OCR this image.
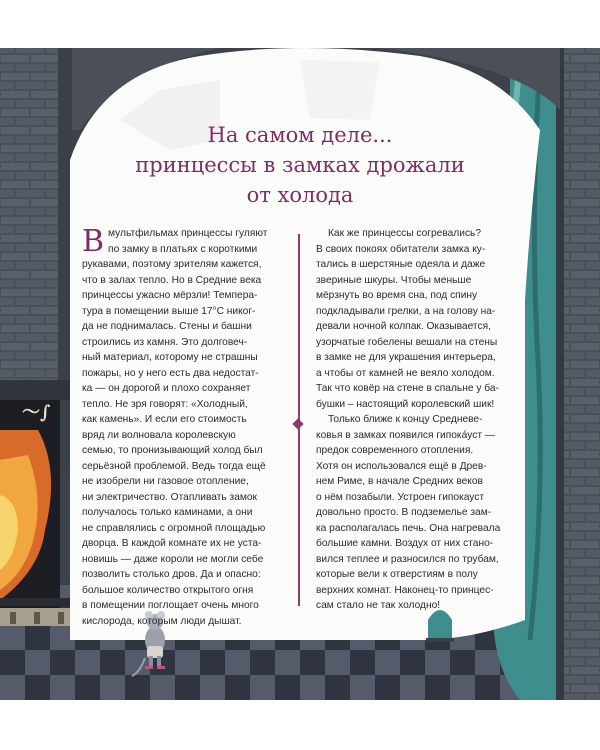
〜∫
На самом деле...
принцессы в замках дрожали
от холода
В мультфильмах принцессы гуляют
по замку в платьях с короткими
рукавами, поэтому зрителям кажется,
что в залах тепло. Но в Средние века
принцессы ужасно мёрзли! Темпера-
тура в помещении выше 17°С никог-
да не поднималась. Стены и башни
строились из камня. Это долговеч-
ный материал, которому не страшны
пожары, но у него есть два недостат-
ка — он дорогой и плохо сохраняет
тепло. Не зря говорят: «Холодный,
как камень». И если его стоимость
вряд ли волновала королевскую
семью, то пронизывающий холод был
серьёзной проблемой. Ведь тогда ещё
не изобрели ни газовое отопление,
ни электричество. Отапливать замок
получалось только каминами, а они
не справлялись с огромной площадью
дворца. В каждой комнате их не уста-
новишь — даже короли не могли себе
позволить столько дров. Да и опасно:
большое количество открытого огня
в помещении поглощает очень много
кислорода, которым люди дышат.
Как же принцессы согревались?
В своих покоях обитатели замка ку-
тались в шерстяные одеяла и даже
звериные шкуры. Чтобы меньше
мёрзнуть во время сна, под спину
подкладывали грелки, а на голову на-
девали ночной колпак. Оказывается,
узорчатые гобелены вешали на стены
в замке не для украшения интерьера,
а чтобы от камней не веяло холодом.
Так что ковёр на стене в спальне у ба-
бушки – настоящий королевский шик!
Только ближе к концу Средневе-
ковья в замках появился гипока́уст —
предок современного отопления.
Хотя он использовался ещё в Древ-
нем Риме, в начале Средних веков
о нём позабыли. Устроен гипокауст
довольно просто. В подземелье зам-
ка располагалась печь. Она нагревала
большие камни. Воздух от них стано-
вился теплее и разносился по трубам,
которые вели к отверстиям в полу
верхних комнат. Наконец-то принцес-
сам стало не так холодно!
